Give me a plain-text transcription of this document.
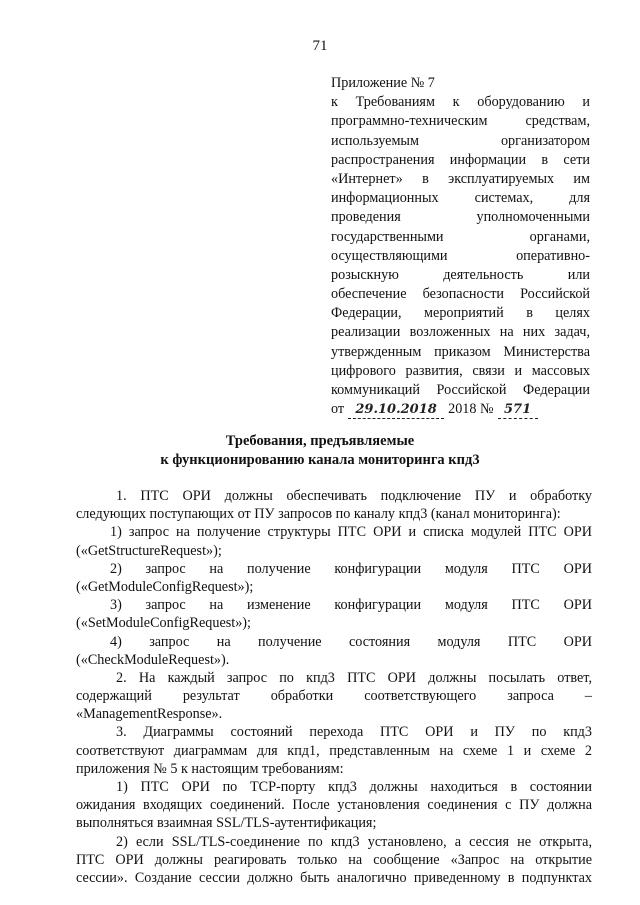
71
Приложение № 7
к Требованиям к оборудованию и
программно-техническим средствам,
используемым организатором
распространения информации в сети
«Интернет» в эксплуатируемых им
информационных системах, для
проведения уполномоченными
государственными органами,
осуществляющими оперативно-
розыскную деятельность или
обеспечение безопасности Российской
Федерации, мероприятий в целях
реализации возложенных на них задач,
утвержденным приказом Министерства
цифрового развития, связи и массовых
коммуникаций Российской Федерации
от 29.10.2018 2018 № 571
Требования, предъявляемые
к функционированию канала мониторинга кпд3
1. ПТС ОРИ должны обеспечивать подключение ПУ и обработку
следующих поступающих от ПУ запросов по каналу кпд3 (канал мониторинга):
1) запрос на получение структуры ПТС ОРИ и списка модулей ПТС ОРИ
(«GetStructureRequest»);
2) запрос на получение конфигурации модуля ПТС ОРИ
(«GetModuleConfigRequest»);
3) запрос на изменение конфигурации модуля ПТС ОРИ
(«SetModuleConfigRequest»);
4) запрос на получение состояния модуля ПТС ОРИ
(«CheckModuleRequest»).
2. На каждый запрос по кпд3 ПТС ОРИ должны посылать ответ,
содержащий результат обработки соответствующего запроса –
«ManagementResponse».
3. Диаграммы состояний перехода ПТС ОРИ и ПУ по кпд3
соответствуют диаграммам для кпд1, представленным на схеме 1 и схеме 2
приложения № 5 к настоящим требованиям:
1) ПТС ОРИ по TCP-порту кпд3 должны находиться в состоянии
ожидания входящих соединений. После установления соединения с ПУ должна
выполняться взаимная SSL/TLS-аутентификация;
2) если SSL/TLS-соединение по кпд3 установлено, а сессия не открыта,
ПТС ОРИ должны реагировать только на сообщение «Запрос на открытие
сессии». Создание сессии должно быть аналогично приведенному в подпунктах
